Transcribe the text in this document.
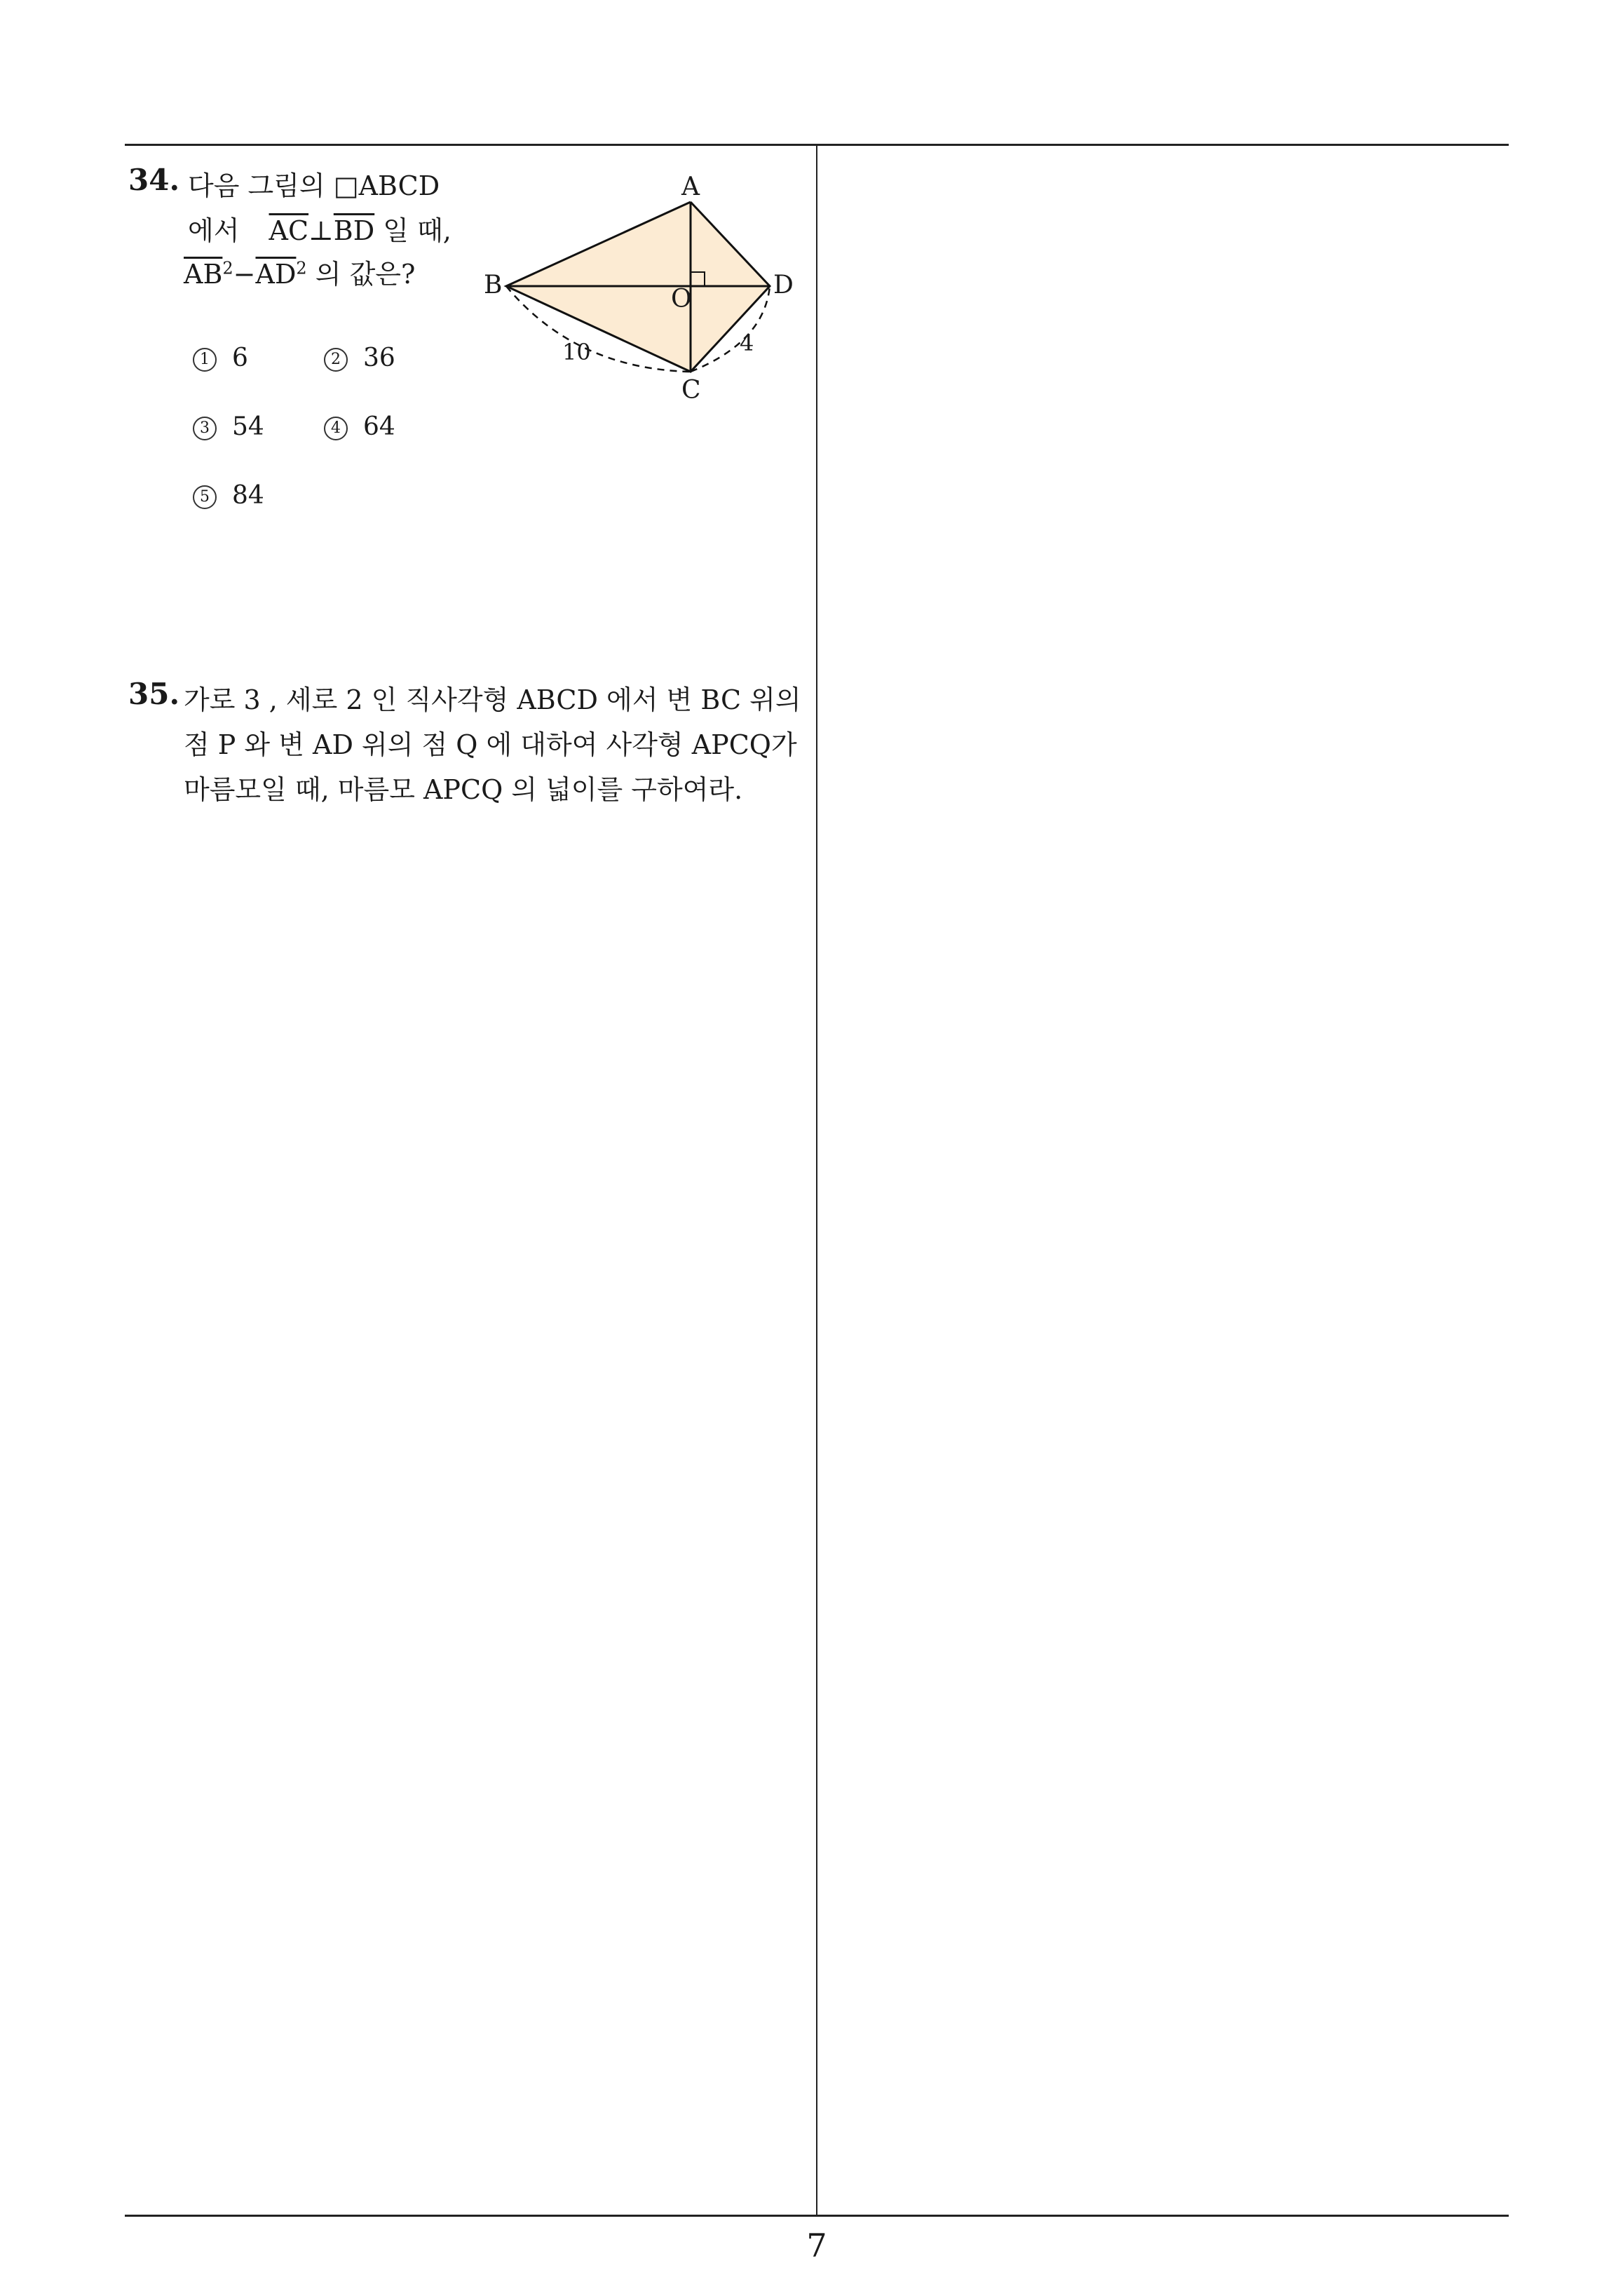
34. 다음 그림의 □ABCD
에서 $\overline{AC}\perp\overline{BD}$ 일 때,
$\overline{AB}^2-\overline{AD}^2$ 의 값은?
1 6	2 36
3 54	4 64
5 84
A
B
C
D
O
10	4
35. 가로 3 , 세로 2 인 직사각형 ABCD 에서 변 BC 위의
점 P 와 변 AD 위의 점 Q 에 대하여 사각형 APCQ가
마름모일 때, 마름모 APCQ 의 넓이를 구하여라.
7
